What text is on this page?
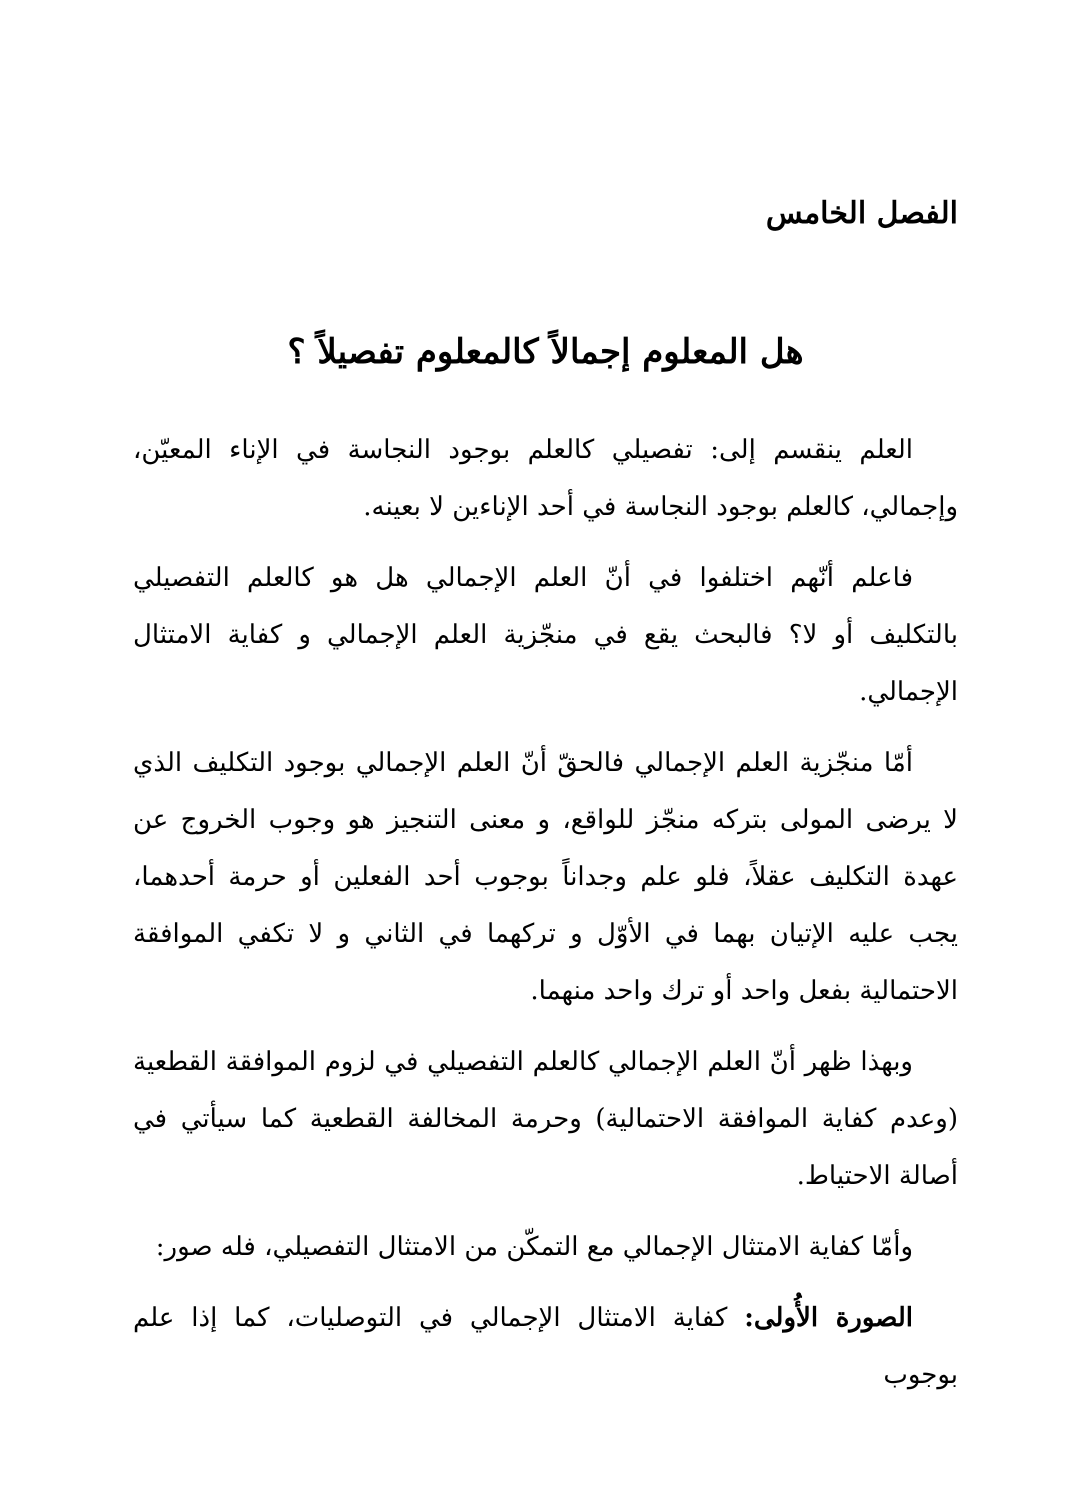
الفصل الخامس
هل المعلوم إجمالاً كالمعلوم تفصيلاً ؟

العلم ينقسم إلى: تفصيلي كالعلم بوجود النجاسة في الإناء المعيّن، وإجمالي، كالعلم بوجود النجاسة في أحد الإناءين لا بعينه.

فاعلم أنّهم اختلفوا في أنّ العلم الإجمالي هل هو كالعلم التفصيلي بالتكليف أو لا؟ فالبحث يقع في منجّزية العلم الإجمالي و كفاية الامتثال الإجمالي.

أمّا منجّزية العلم الإجمالي فالحقّ أنّ العلم الإجمالي بوجود التكليف الذي لا يرضى المولى بتركه منجّز للواقع، و معنى التنجيز هو وجوب الخروج عن عهدة التكليف عقلاً، فلو علم وجداناً بوجوب أحد الفعلين أو حرمة أحدهما، يجب عليه الإتيان بهما في الأوّل و تركهما في الثاني و لا تكفي الموافقة الاحتمالية بفعل واحد أو ترك واحد منهما.

وبهذا ظهر أنّ العلم الإجمالي كالعلم التفصيلي في لزوم الموافقة القطعية (وعدم كفاية الموافقة الاحتمالية) وحرمة المخالفة القطعية كما سيأتي في أصالة الاحتياط.

وأمّا كفاية الامتثال الإجمالي مع التمكّن من الامتثال التفصيلي، فله صور:

الصورة الأُولى: كفاية الامتثال الإجمالي في التوصليات، كما إذا علم بوجوب
